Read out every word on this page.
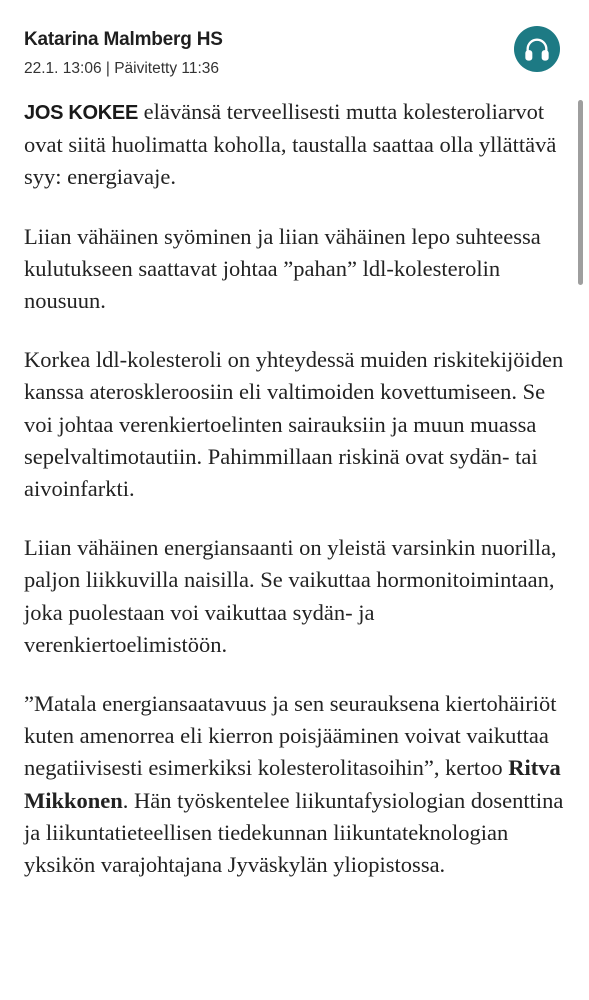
Katarina Malmberg HS
22.1. 13:06 | Päivitetty 11:36

JOS KOKEE elävänsä terveellisesti mutta kolesteroliarvot ovat siitä huolimatta koholla, taustalla saattaa olla yllättävä syy: energiavaje.

Liian vähäinen syöminen ja liian vähäinen lepo suhteessa kulutukseen saattavat johtaa ”pahan” ldl-kolesterolin nousuun.

Korkea ldl-kolesteroli on yhteydessä muiden riskitekijöiden kanssa ateroskleroosiin eli valtimoiden kovettumiseen. Se voi johtaa verenkiertoelinten sairauksiin ja muun muassa sepelvaltimotautiin. Pahimmillaan riskinä ovat sydän- tai aivoinfarkti.

Liian vähäinen energiansaanti on yleistä varsinkin nuorilla, paljon liikkuvilla naisilla. Se vaikuttaa hormonitoimintaan, joka puolestaan voi vaikuttaa sydän- ja verenkiertoelimistöön.

”Matala energiansaatavuus ja sen seurauksena kiertohäiriöt kuten amenorrea eli kierron poisjääminen voivat vaikuttaa negatiivisesti esimerkiksi kolesterolitasoihin”, kertoo Ritva Mikkonen. Hän työskentelee liikuntafysiologian dosenttina ja liikuntatieteellisen tiedekunnan liikuntateknologian yksikön varajohtajana Jyväskylän yliopistossa.
